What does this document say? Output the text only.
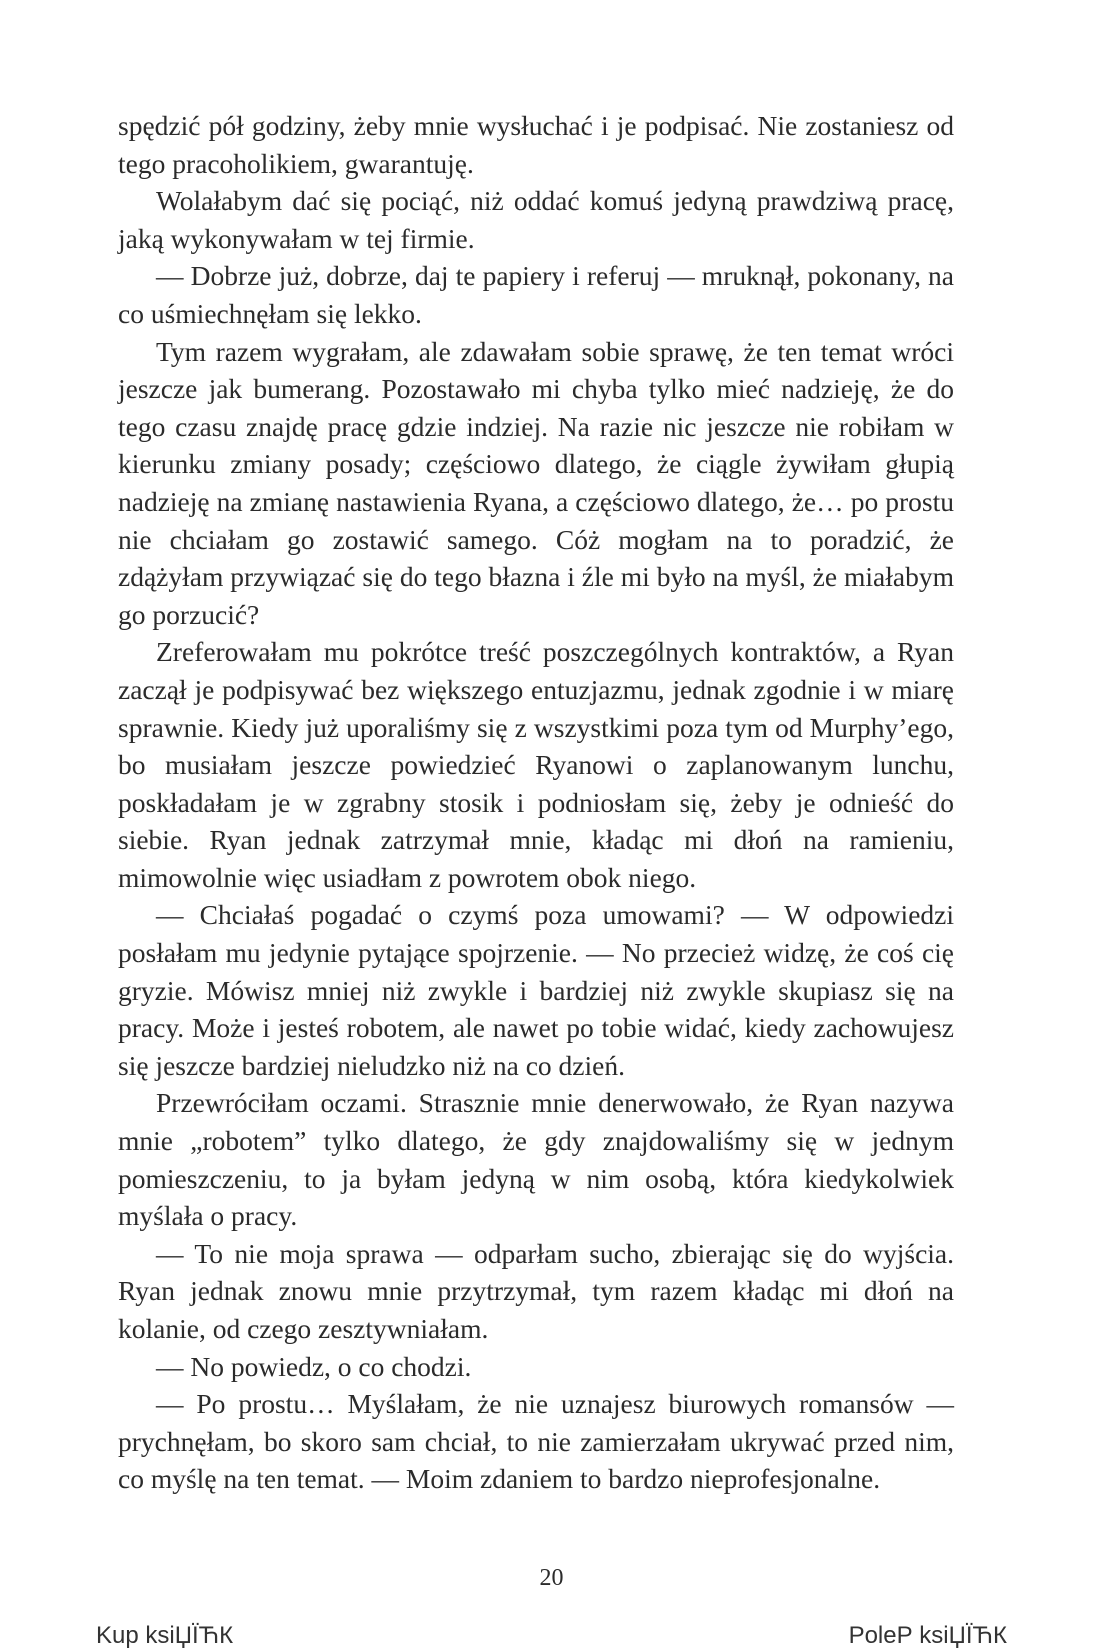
spędzić pół godziny, żeby mnie wysłuchać i je podpisać. Nie zostaniesz od tego pracoholikiem, gwarantuję.

Wolałabym dać się pociąć, niż oddać komuś jedyną prawdziwą pracę, jaką wykonywałam w tej firmie.

— Dobrze już, dobrze, daj te papiery i referuj — mruknął, pokonany, na co uśmiechnęłam się lekko.

Tym razem wygrałam, ale zdawałam sobie sprawę, że ten temat wróci jeszcze jak bumerang. Pozostawało mi chyba tylko mieć nadzieję, że do tego czasu znajdę pracę gdzie indziej. Na razie nic jeszcze nie robiłam w kierunku zmiany posady; częściowo dlatego, że ciągle żywiłam głupią nadzieję na zmianę nastawienia Ryana, a częściowo dlatego, że… po prostu nie chciałam go zostawić samego. Cóż mogłam na to poradzić, że zdążyłam przywiązać się do tego błazna i źle mi było na myśl, że miałabym go porzucić?

Zreferowałam mu pokrótce treść poszczególnych kontraktów, a Ryan zaczął je podpisywać bez większego entuzjazmu, jednak zgodnie i w miarę sprawnie. Kiedy już uporaliśmy się z wszystkimi poza tym od Murphy’ego, bo musiałam jeszcze powiedzieć Ryanowi o zaplanowanym lunchu, poskładałam je w zgrabny stosik i podniosłam się, żeby je odnieść do siebie. Ryan jednak zatrzymał mnie, kładąc mi dłoń na ramieniu, mimowolnie więc usiadłam z powrotem obok niego.

— Chciałaś pogadać o czymś poza umowami? — W odpowiedzi posłałam mu jedynie pytające spojrzenie. — No przecież widzę, że coś cię gryzie. Mówisz mniej niż zwykle i bardziej niż zwykle skupiasz się na pracy. Może i jesteś robotem, ale nawet po tobie widać, kiedy zachowujesz się jeszcze bardziej nieludzko niż na co dzień.

Przewróciłam oczami. Strasznie mnie denerwowało, że Ryan nazywa mnie „robotem” tylko dlatego, że gdy znajdowaliśmy się w jednym pomieszczeniu, to ja byłam jedyną w nim osobą, która kiedykolwiek myślała o pracy.

— To nie moja sprawa — odparłam sucho, zbierając się do wyjścia. Ryan jednak znowu mnie przytrzymał, tym razem kładąc mi dłoń na kolanie, od czego zesztywniałam.

— No powiedz, o co chodzi.

— Po prostu… Myślałam, że nie uznajesz biurowych romansów — prychnęłam, bo skoro sam chciał, to nie zamierzałam ukrywać przed nim, co myślę na ten temat. — Moim zdaniem to bardzo nieprofesjonalne.

20
Kup ksiЏЇЋК	PoleР ksiЏЇЋК
